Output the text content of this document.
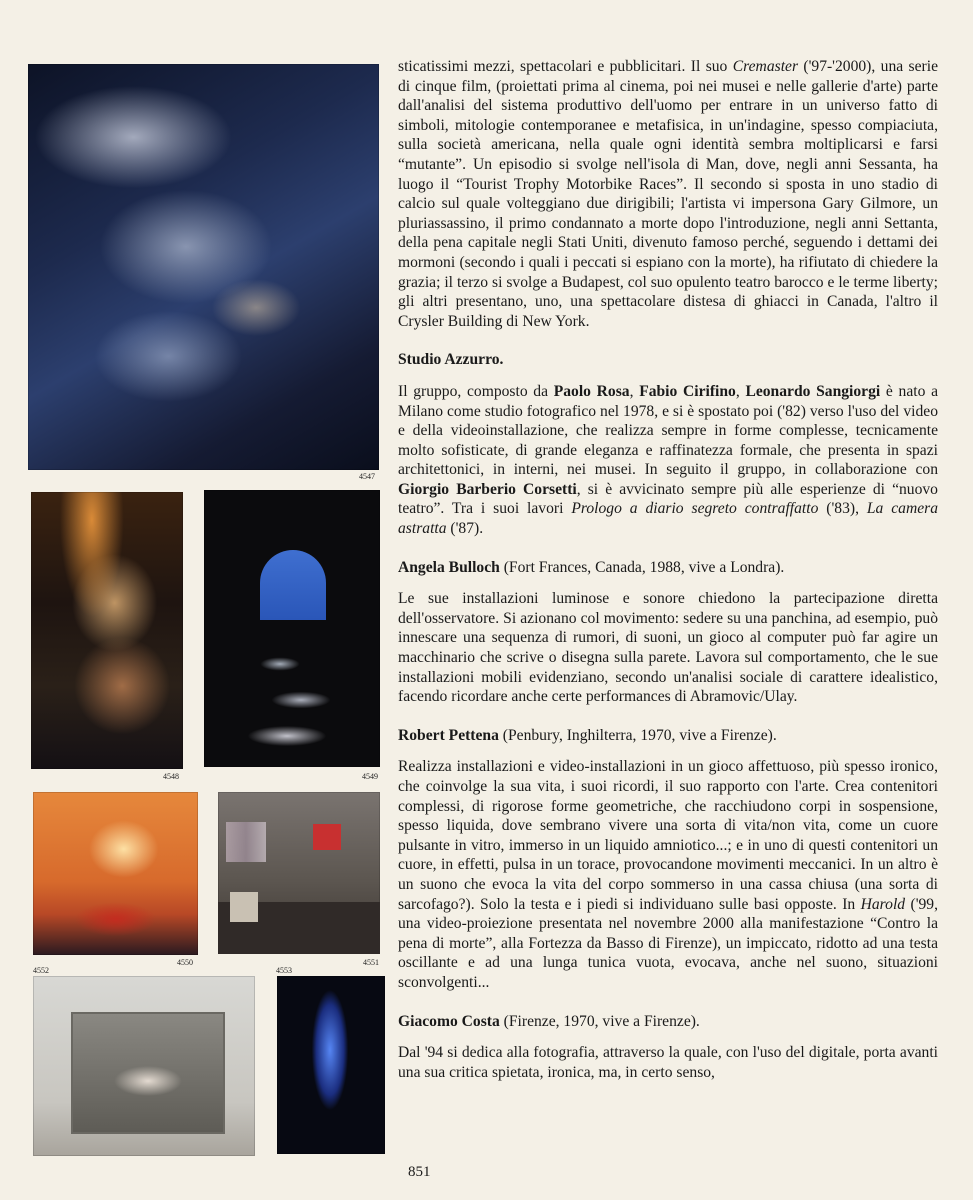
4547
4548	4549
4550	4551
4552	4553

sticatissimi mezzi, spettacolari e pubblicitari. Il suo Cremaster ('97-'2000), una serie di cinque film, (proiettati prima al cinema, poi nei musei e nelle gallerie d'arte) parte dall'analisi del sistema produttivo dell'uomo per entrare in un universo fatto di simboli, mitologie contemporanee e metafisica, in un'indagine, spesso compiaciuta, sulla società americana, nella quale ogni identità sembra moltiplicarsi e farsi “mutante”. Un episodio si svolge nell'isola di Man, dove, negli anni Sessanta, ha luogo il “Tourist Trophy Motorbike Races”. Il secondo si sposta in uno stadio di calcio sul quale volteggiano due dirigibili; l'artista vi impersona Gary Gilmore, un pluriassassino, il primo condannato a morte dopo l'introduzione, negli anni Settanta, della pena capitale negli Stati Uniti, divenuto famoso perché, seguendo i dettami dei mormoni (secondo i quali i peccati si espiano con la morte), ha rifiutato di chiedere la grazia; il terzo si svolge a Budapest, col suo opulento teatro barocco e le terme liberty; gli altri presentano, uno, una spettacolare distesa di ghiacci in Canada, l'altro il Crysler Building di New York.

Studio Azzurro.

Il gruppo, composto da Paolo Rosa, Fabio Cirifino, Leonardo Sangiorgi è nato a Milano come studio fotografico nel 1978, e si è spostato poi ('82) verso l'uso del video e della videoinstallazione, che realizza sempre in forme complesse, tecnicamente molto sofisticate, di grande eleganza e raffinatezza formale, che presenta in spazi architettonici, in interni, nei musei. In seguito il gruppo, in collaborazione con Giorgio Barberio Corsetti, si è avvicinato sempre più alle esperienze di “nuovo teatro”. Tra i suoi lavori Prologo a diario segreto contraffatto ('83), La camera astratta ('87).

Angela Bulloch (Fort Frances, Canada, 1988, vive a Londra).

Le sue installazioni luminose e sonore chiedono la partecipazione diretta dell'osservatore. Si azionano col movimento: sedere su una panchina, ad esempio, può innescare una sequenza di rumori, di suoni, un gioco al computer può far agire un macchinario che scrive o disegna sulla parete. Lavora sul comportamento, che le sue installazioni mobili evidenziano, secondo un'analisi sociale di carattere idealistico, facendo ricordare anche certe performances di Abramovic/Ulay.

Robert Pettena (Penbury, Inghilterra, 1970, vive a Firenze).

Realizza installazioni e video-installazioni in un gioco affettuoso, più spesso ironico, che coinvolge la sua vita, i suoi ricordi, il suo rapporto con l'arte. Crea contenitori complessi, di rigorose forme geometriche, che racchiudono corpi in sospensione, spesso liquida, dove sembrano vivere una sorta di vita/non vita, come un cuore pulsante in vitro, immerso in un liquido amniotico...; e in uno di questi contenitori un cuore, in effetti, pulsa in un torace, provocandone movimenti meccanici. In un altro è un suono che evoca la vita del corpo sommerso in una cassa chiusa (una sorta di sarcofago?). Solo la testa e i piedi si individuano sulle basi opposte. In Harold ('99, una video-proiezione presentata nel novembre 2000 alla manifestazione “Contro la pena di morte”, alla Fortezza da Basso di Firenze), un impiccato, ridotto ad una testa oscillante e ad una lunga tunica vuota, evocava, anche nel suono, situazioni sconvolgenti...

Giacomo Costa (Firenze, 1970, vive a Firenze).

Dal '94 si dedica alla fotografia, attraverso la quale, con l'uso del digitale, porta avanti una sua critica spietata, ironica, ma, in certo senso,

851
